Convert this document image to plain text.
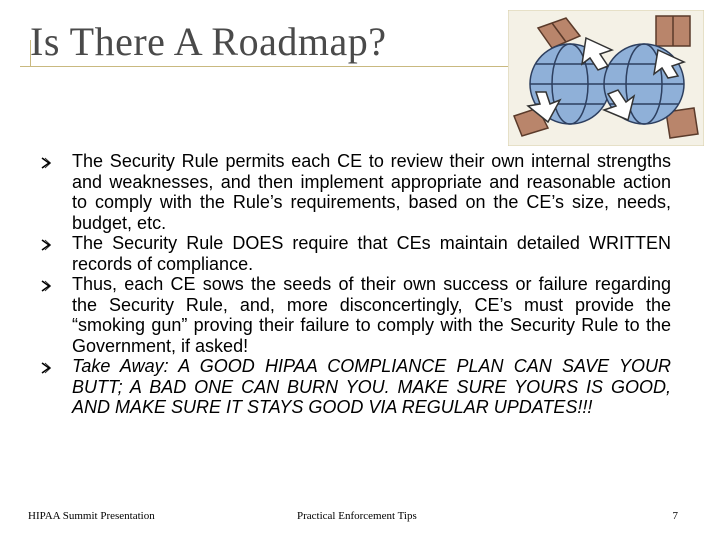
Is There A Roadmap?
The Security Rule permits each CE to review their own internal strengths and weaknesses, and then implement appropriate and reasonable action to comply with the Rule’s requirements, based on the CE’s size, needs, budget, etc.
The Security Rule DOES require that CEs maintain detailed WRITTEN records of compliance.
Thus, each CE sows the seeds of their own success or failure regarding the Security Rule, and, more disconcertingly, CE’s must provide the “smoking gun” proving their failure to comply with the Security Rule to the Government, if asked!
Take Away: A GOOD HIPAA COMPLIANCE PLAN CAN SAVE YOUR BUTT; A BAD ONE CAN BURN YOU. MAKE SURE YOURS IS GOOD, AND MAKE SURE IT STAYS GOOD VIA REGULAR UPDATES!!!
HIPAA Summit Presentation	Practical Enforcement Tips	7
